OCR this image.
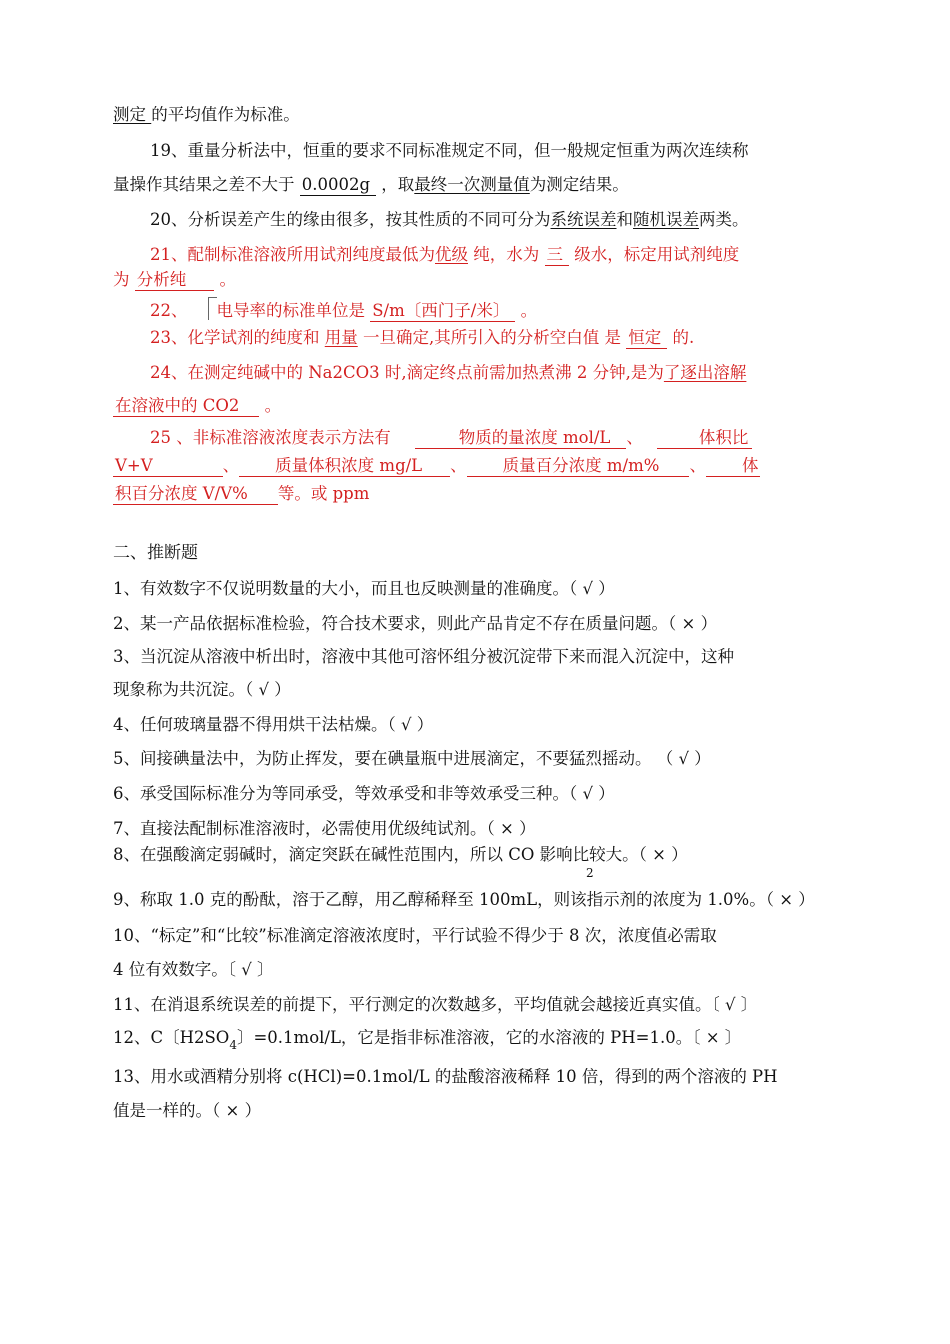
测定 的平均值作为标准。
19、重量分析法中，恒重的要求不同标准规定不同，但一般规定恒重为两次连续称
量操作其结果之差不大于 0.0002g ，取最终一次测量值为测定结果。
20、分析误差产生的缘由很多，按其性质的不同可分为系统误差和随机误差两类。
21、配制标准溶液所用试剂纯度最低为优级 纯，水为 三 级水，标定用试剂纯度
为 分析纯 。
22、 电导率的标准单位是 S/m〔西门子/米〕 。
23、化学试剂的纯度和 用量 一旦确定,其所引入的分析空白值 是 恒定 的.
24、在测定纯碱中的 Na2CO3 时,滴定终点前需加热煮沸 2 分钟,是为了逐出溶解
在溶液中的 CO2 。
25 、非标准溶液浓度表示方法有	物质的量浓度 mol/L 、	体积比
V+V	、 质量体积浓度 mg/L 、 质量百分浓度 m/m% 、 体
积百分浓度 V/V% 等。或 ppm
二、推断题
1、有效数字不仅说明数量的大小，而且也反映测量的准确度。（ √ ）
2、某一产品依据标准检验，符合技术要求，则此产品肯定不存在质量问题。（ × ）
3、当沉淀从溶液中析出时，溶液中其他可溶怀组分被沉淀带下来而混入沉淀中，这种
现象称为共沉淀。（ √ ）
4、任何玻璃量器不得用烘干法枯燥。（ √ ）
5、间接碘量法中，为防止挥发，要在碘量瓶中进展滴定，不要猛烈摇动。 （ √ ）
6、承受国际标准分为等同承受，等效承受和非等效承受三种。（ √ ）
7、直接法配制标准溶液时，必需使用优级纯试剂。（ × ）
8、在强酸滴定弱碱时，滴定突跃在碱性范围内，所以 CO 影响比较大。（ × ）
2
9、称取 1.0 克的酚酞，溶于乙醇，用乙醇稀释至 100mL，则该指示剂的浓度为 1.0%。（ × ）
10、“标定”和“比较”标准滴定溶液浓度时，平行试验不得少于 8 次，浓度值必需取
4 位有效数字。〔 √ 〕
11、在消退系统误差的前提下，平行测定的次数越多，平均值就会越接近真实值。〔 √ 〕
12、C〔$H2SO_4$〕=0.1mol/L，它是指非标准溶液，它的水溶液的 PH=1.0。〔 × 〕
13、用水或酒精分别将 c(HCl)=0.1mol/L 的盐酸溶液稀释 10 倍，得到的两个溶液的 PH
值是一样的。（ × ）
